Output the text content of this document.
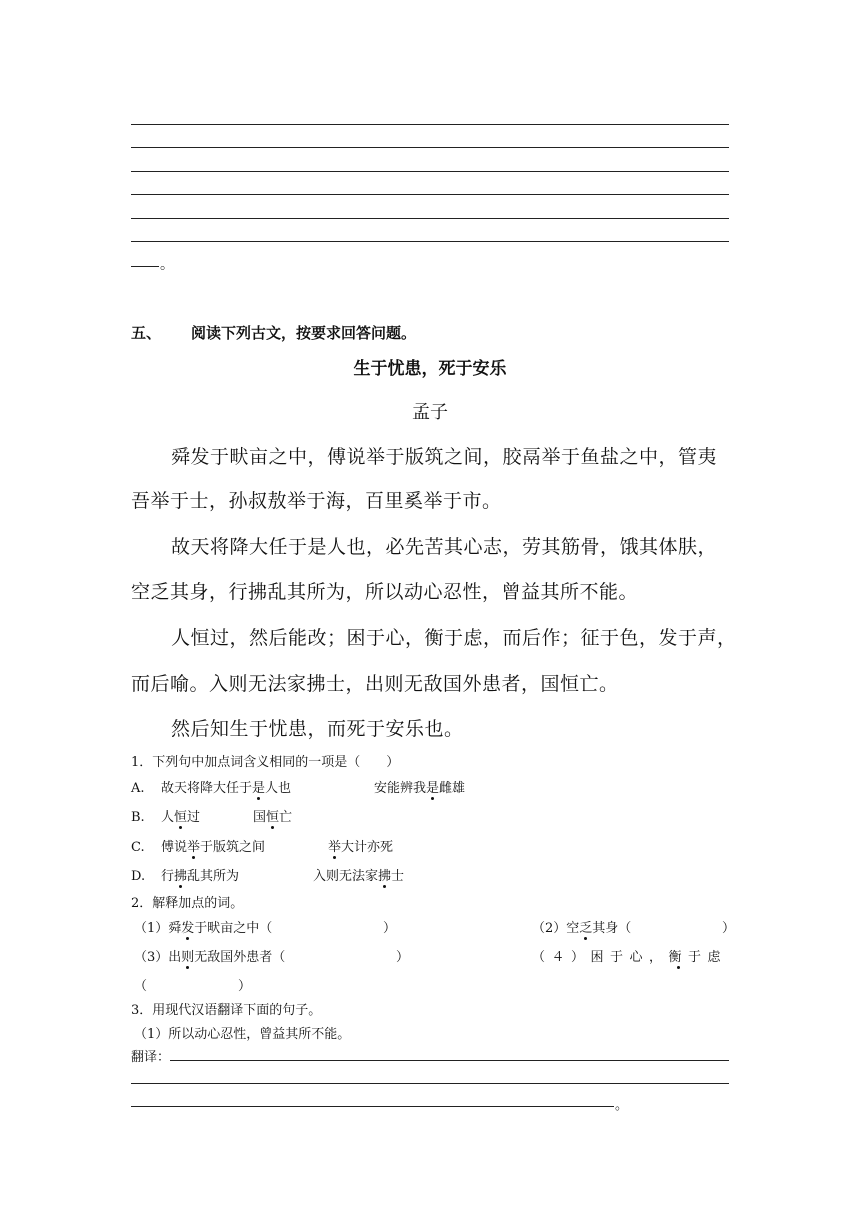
。
五、 阅读下列古文，按要求回答问题。
生于忧患，死于安乐
孟子
舜发于畎亩之中，傅说举于版筑之间，胶鬲举于鱼盐之中，管夷
吾举于士，孙叔敖举于海，百里奚举于市。
故天将降大任于是人也，必先苦其心志，劳其筋骨，饿其体肤，
空乏其身，行拂乱其所为，所以动心忍性，曾益其所不能。
人恒过，然后能改；困于心，衡于虑，而后作；征于色，发于声，
而后喻。入则无法家拂士，出则无敌国外患者，国恒亡。
然后知生于忧患，而死于安乐也。
1．下列句中加点词含义相同的一项是（　　）
A. 故天将降大任于是人也	安能辨我是雌雄
B. 人恒过	国恒亡
C. 傅说举于版筑之间	举大计亦死
D. 行拂乱其所为	入则无法家拂士
2．解释加点的词。
（1）舜发于畎亩之中（	）	（2）空乏其身（	）
（3）出则无敌国外患者（	）	（４）困于心，衡于虑
（	）
3．用现代汉语翻译下面的句子。
（1）所以动心忍性，曾益其所不能。
翻译：
。
